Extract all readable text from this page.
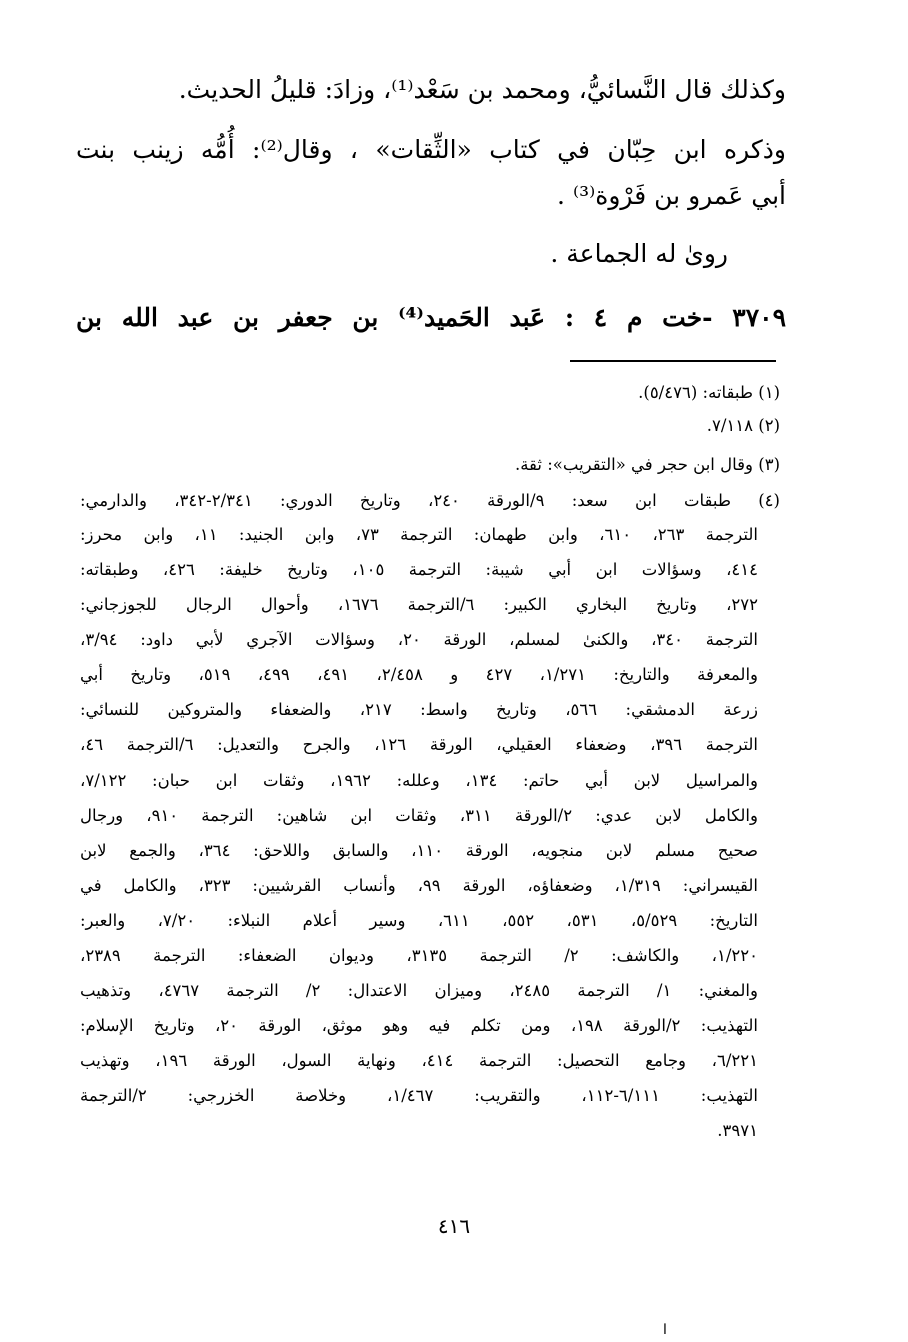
وكذلك قال النَّسائيُّ، ومحمد بن سَعْد⁽¹⁾، وزادَ: قليلُ الحديث.
وذكره ابن حِبّان في كتاب «الثِّقات» ، وقال⁽²⁾: أُمُّه زينب بنت
أبي عَمرو بن فَرْوة⁽³⁾ .
روىٰ له الجماعة .
٣٧٠٩ -خت م ٤ : عَبد الحَميد⁽⁴⁾ بن جعفر بن عبد الله بن
(١) طبقاته: (٥/٤٧٦).
(٢) ٧/١١٨.
(٣) وقال ابن حجر في «التقريب»: ثقة.
(٤) طبقات ابن سعد: ٩/الورقة ٢٤٠، وتاريخ الدوري: ٢/٣٤١-٣٤٢، والدارمي:
الترجمة ٢٦٣، ٦١٠، وابن طهمان: الترجمة ٧٣، وابن الجنيد: ١١، وابن محرز:
٤١٤، وسؤالات ابن أبي شيبة: الترجمة ١٠٥، وتاريخ خليفة: ٤٢٦، وطبقاته:
٢٧٢، وتاريخ البخاري الكبير: ٦/الترجمة ١٦٧٦، وأحوال الرجال للجوزجاني:
الترجمة ٣٤٠، والكنىٰ لمسلم، الورقة ٢٠، وسؤالات الآجري لأبي داود: ٣/٩٤،
والمعرفة والتاريخ: ١/٢٧١، ٤٢٧ و ٢/٤٥٨، ٤٩١، ٤٩٩، ٥١٩، وتاريخ أبي
زرعة الدمشقي: ٥٦٦، وتاريخ واسط: ٢١٧، والضعفاء والمتروكين للنسائي:
الترجمة ٣٩٦، وضعفاء العقيلي، الورقة ١٢٦، والجرح والتعديل: ٦/الترجمة ٤٦،
والمراسيل لابن أبي حاتم: ١٣٤، وعلله: ١٩٦٢، وثقات ابن حبان: ٧/١٢٢،
والكامل لابن عدي: ٢/الورقة ٣١١، وثقات ابن شاهين: الترجمة ٩١٠، ورجال
صحيح مسلم لابن منجويه، الورقة ١١٠، والسابق واللاحق: ٣٦٤، والجمع لابن
القيسراني: ١/٣١٩، وضعفاؤه، الورقة ٩٩، وأنساب القرشيين: ٣٢٣، والكامل في
التاريخ: ٥/٥٢٩، ٥٣١، ٥٥٢، ٦١١، وسير أعلام النبلاء: ٧/٢٠، والعبر:
١/٢٢٠، والكاشف: ٢/ الترجمة ٣١٣٥، وديوان الضعفاء: الترجمة ٢٣٨٩،
والمغني: ١/ الترجمة ٢٤٨٥، وميزان الاعتدال: ٢/ الترجمة ٤٧٦٧، وتذهيب
التهذيب: ٢/الورقة ١٩٨، ومن تكلم فيه وهو موثق، الورقة ٢٠، وتاريخ الإسلام:
٦/٢٢١، وجامع التحصيل: الترجمة ٤١٤، ونهاية السول، الورقة ١٩٦، وتهذيب
التهذيب: ٦/١١١-١١٢، والتقريب: ١/٤٦٧، وخلاصة الخزرجي: ٢/الترجمة
٣٩٧١.
٤١٦
ا
